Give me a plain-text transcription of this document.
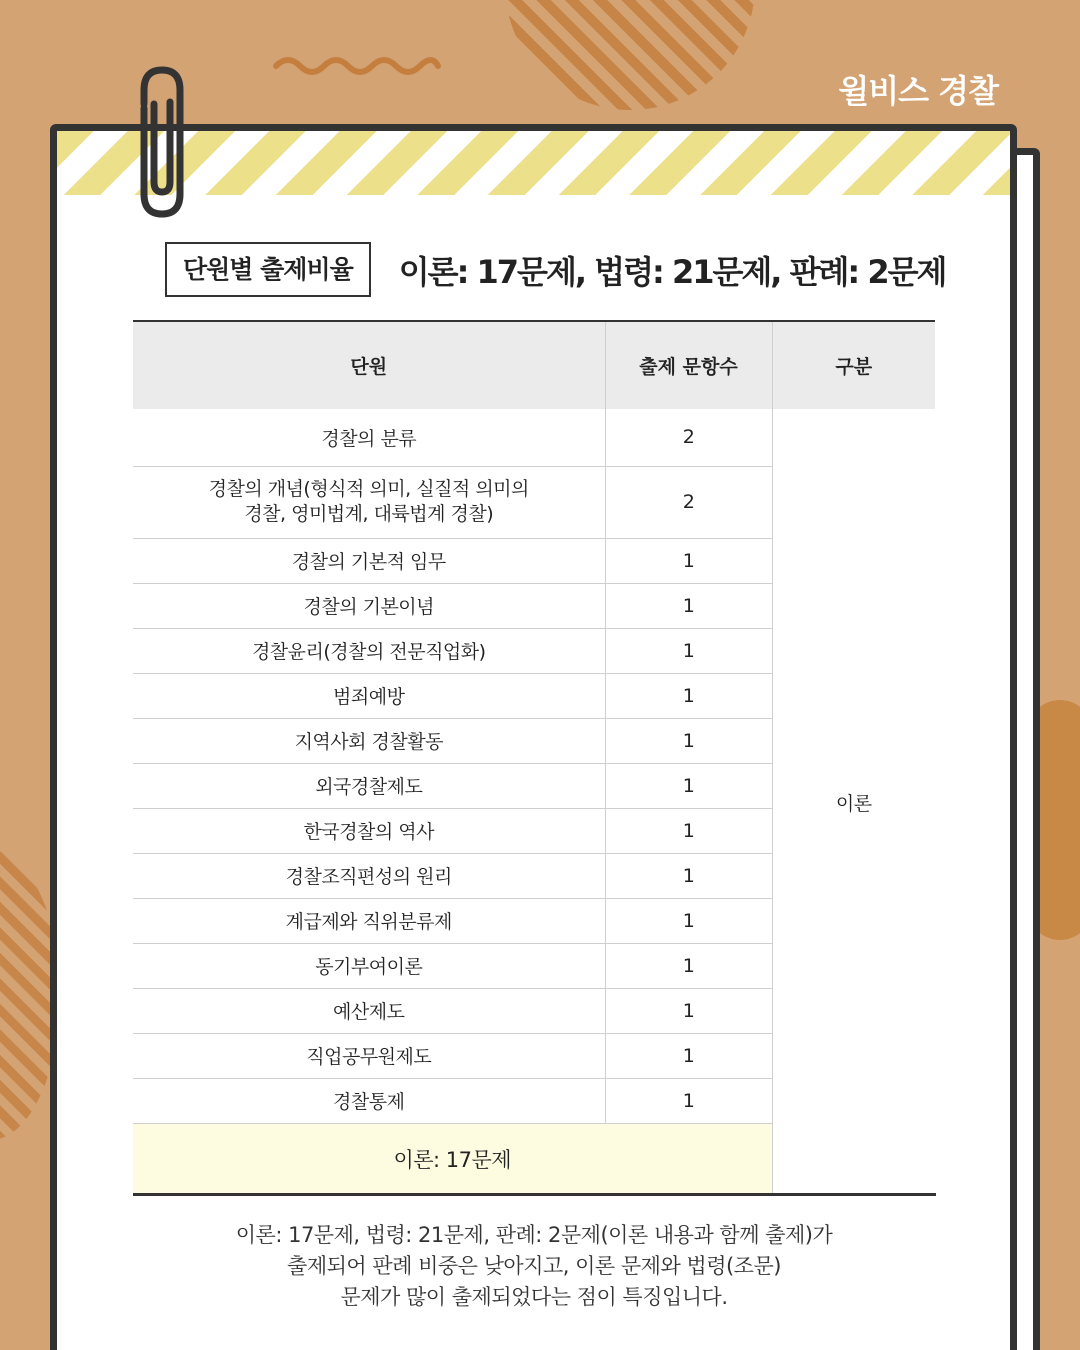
윌비스 경찰
단원별 출제비율	이론: 17문제, 법령: 21문제, 판례: 2문제
단원	출제 문항수	구분
경찰의 분류	2	이론
경찰의 개념(형식적 의미, 실질적 의미의
경찰, 영미법계, 대륙법계 경찰)	2	
경찰의 기본적 임무	1	
경찰의 기본이념	1	
경찰윤리(경찰의 전문직업화)	1	
범죄예방	1	
지역사회 경찰활동	1	
외국경찰제도	1	
한국경찰의 역사	1	
경찰조직편성의 원리	1	
계급제와 직위분류제	1	
동기부여이론	1	
예산제도	1	
직업공무원제도	1	
경찰통제	1	
이론: 17문제		
이론: 17문제, 법령: 21문제, 판례: 2문제(이론 내용과 함께 출제)가
출제되어 판례 비중은 낮아지고, 이론 문제와 법령(조문)
문제가 많이 출제되었다는 점이 특징입니다.
